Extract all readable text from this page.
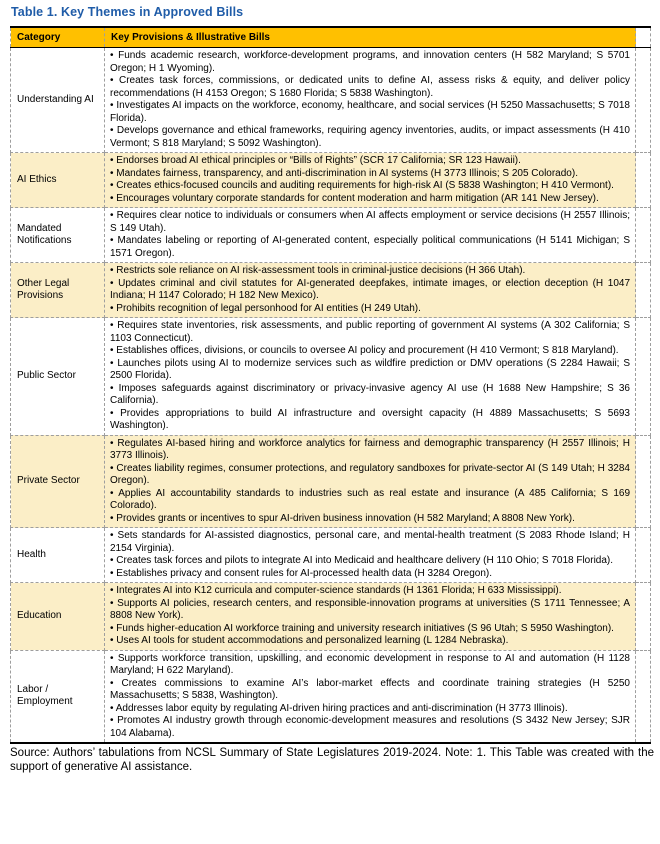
Table 1. Key Themes in Approved Bills
Category	Key Provisions & Illustrative Bills	
Understanding AI	• Funds academic research, workforce-development programs, and innovation centers (H 582 Maryland; S 5701 Oregon; H 1 Wyoming).
• Creates task forces, commissions, or dedicated units to define AI, assess risks & equity, and deliver policy recommendations (H 4153 Oregon; S 1680 Florida; S 5838 Washington).
• Investigates AI impacts on the workforce, economy, healthcare, and social services (H 5250 Massachusetts; S 7018 Florida).
• Develops governance and ethical frameworks, requiring agency inventories, audits, or impact assessments (H 410 Vermont; S 818 Maryland; S 5092 Washington).	

AI Ethics	• Endorses broad AI ethical principles or “Bills of Rights” (SCR 17 California; SR 123 Hawaii).
• Mandates fairness, transparency, and anti-discrimination in AI systems (H 3773 Illinois; S 205 Colorado).
• Creates ethics-focused councils and auditing requirements for high-risk AI (S 5838 Washington; H 410 Vermont).
• Encourages voluntary corporate standards for content moderation and harm mitigation (AR 141 New Jersey).	

Mandated Notifications	• Requires clear notice to individuals or consumers when AI affects employment or service decisions (H 2557 Illinois; S 149 Utah).
• Mandates labeling or reporting of AI-generated content, especially political communications (H 5141 Michigan; S 1571 Oregon).	

Other Legal Provisions	• Restricts sole reliance on AI risk-assessment tools in criminal-justice decisions (H 366 Utah).
• Updates criminal and civil statutes for AI-generated deepfakes, intimate images, or election deception (H 1047 Indiana; H 1147 Colorado; H 182 New Mexico).
• Prohibits recognition of legal personhood for AI entities (H 249 Utah).	

Public Sector	• Requires state inventories, risk assessments, and public reporting of government AI systems (A 302 California; S 1103 Connecticut).
• Establishes offices, divisions, or councils to oversee AI policy and procurement (H 410 Vermont; S 818 Maryland).
• Launches pilots using AI to modernize services such as wildfire prediction or DMV operations (S 2284 Hawaii; S 2500 Florida).
• Imposes safeguards against discriminatory or privacy-invasive agency AI use (H 1688 New Hampshire; S 36 California).
• Provides appropriations to build AI infrastructure and oversight capacity (H 4889 Massachusetts; S 5693 Washington).	

Private Sector	• Regulates AI-based hiring and workforce analytics for fairness and demographic transparency (H 2557 Illinois; H 3773 Illinois).
• Creates liability regimes, consumer protections, and regulatory sandboxes for private-sector AI (S 149 Utah; H 3284 Oregon).
• Applies AI accountability standards to industries such as real estate and insurance (A 485 California; S 169 Colorado).
• Provides grants or incentives to spur AI-driven business innovation (H 582 Maryland; A 8808 New York).	

Health	• Sets standards for AI-assisted diagnostics, personal care, and mental-health treatment (S 2083 Rhode Island; H 2154 Virginia).
• Creates task forces and pilots to integrate AI into Medicaid and healthcare delivery (H 110 Ohio; S 7018 Florida).
• Establishes privacy and consent rules for AI-processed health data (H 3284 Oregon).	

Education	• Integrates AI into K12 curricula and computer-science standards (H 1361 Florida; H 633 Mississippi).
• Supports AI policies, research centers, and responsible-innovation programs at universities (S 1711 Tennessee; A 8808 New York).
• Funds higher-education AI workforce training and university research initiatives (S 96 Utah; S 5950 Washington).
• Uses AI tools for student accommodations and personalized learning (L 1284 Nebraska).	

Labor / Employment	• Supports workforce transition, upskilling, and economic development in response to AI and automation (H 1128 Maryland; H 622 Maryland).
• Creates commissions to examine AI’s labor-market effects and coordinate training strategies (H 5250 Massachusetts; S 5838, Washington).
• Addresses labor equity by regulating AI-driven hiring practices and anti-discrimination (H 3773 Illinois).
• Promotes AI industry growth through economic-development measures and resolutions (S 3432 New Jersey; SJR 104 Alabama).	

Source: Authors’ tabulations from NCSL Summary of State Legislatures 2019-2024. Note: 1. This Table was created with the support of generative AI assistance.
